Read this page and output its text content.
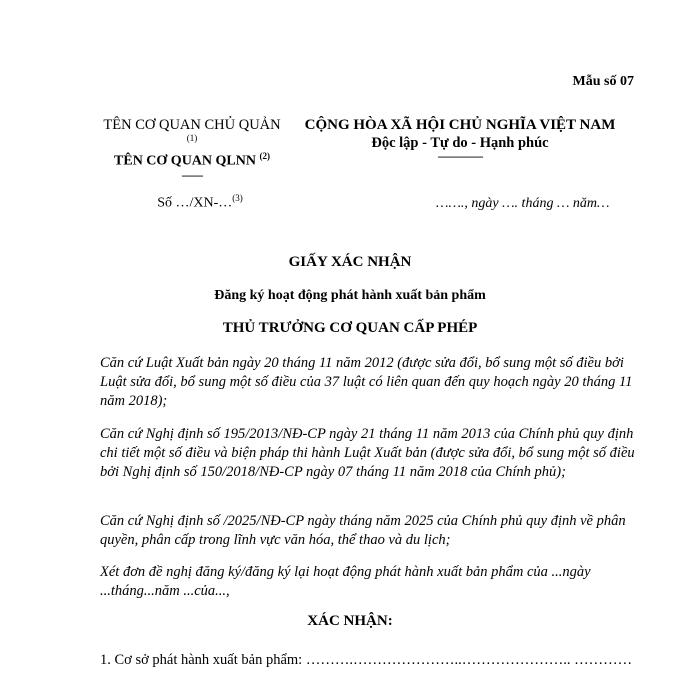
Mẫu số 07
TÊN CƠ QUAN CHỦ QUẢN
(1)
TÊN CƠ QUAN QLNN $^{(2)}$
-------
Số …/XN-…$^{(3)}$
CỘNG HÒA XÃ HỘI CHỦ NGHĨA VIỆT NAM
Độc lập - Tự do - Hạnh phúc
---------------
……., ngày …. tháng … năm…
GIẤY XÁC NHẬN
Đăng ký hoạt động phát hành xuất bản phẩm
THỦ TRƯỞNG CƠ QUAN CẤP PHÉP
Căn cứ Luật Xuất bản ngày 20 tháng 11 năm 2012 (được sửa đổi, bổ sung một số điều bởi Luật sửa đổi, bổ sung một số điều của 37 luật có liên quan đến quy hoạch ngày 20 tháng 11 năm 2018);
Căn cứ Nghị định số 195/2013/NĐ-CP ngày 21 tháng 11 năm 2013 của Chính phủ quy định chi tiết một số điều và biện pháp thi hành Luật Xuất bản (được sửa đổi, bổ sung một số điều bởi Nghị định số 150/2018/NĐ-CP ngày 07 tháng 11 năm 2018 của Chính phủ);
Căn cứ Nghị định số /2025/NĐ-CP ngày tháng năm 2025 của Chính phủ quy định về phân quyền, phân cấp trong lĩnh vực văn hóa, thể thao và du lịch;
Xét đơn đề nghị đăng ký/đăng ký lại hoạt động phát hành xuất bản phẩm của ...ngày ...tháng...năm ...của...,
XÁC NHẬN:
1. Cơ sở phát hành xuất bản phẩm: ……….…………………..………………….. …………
